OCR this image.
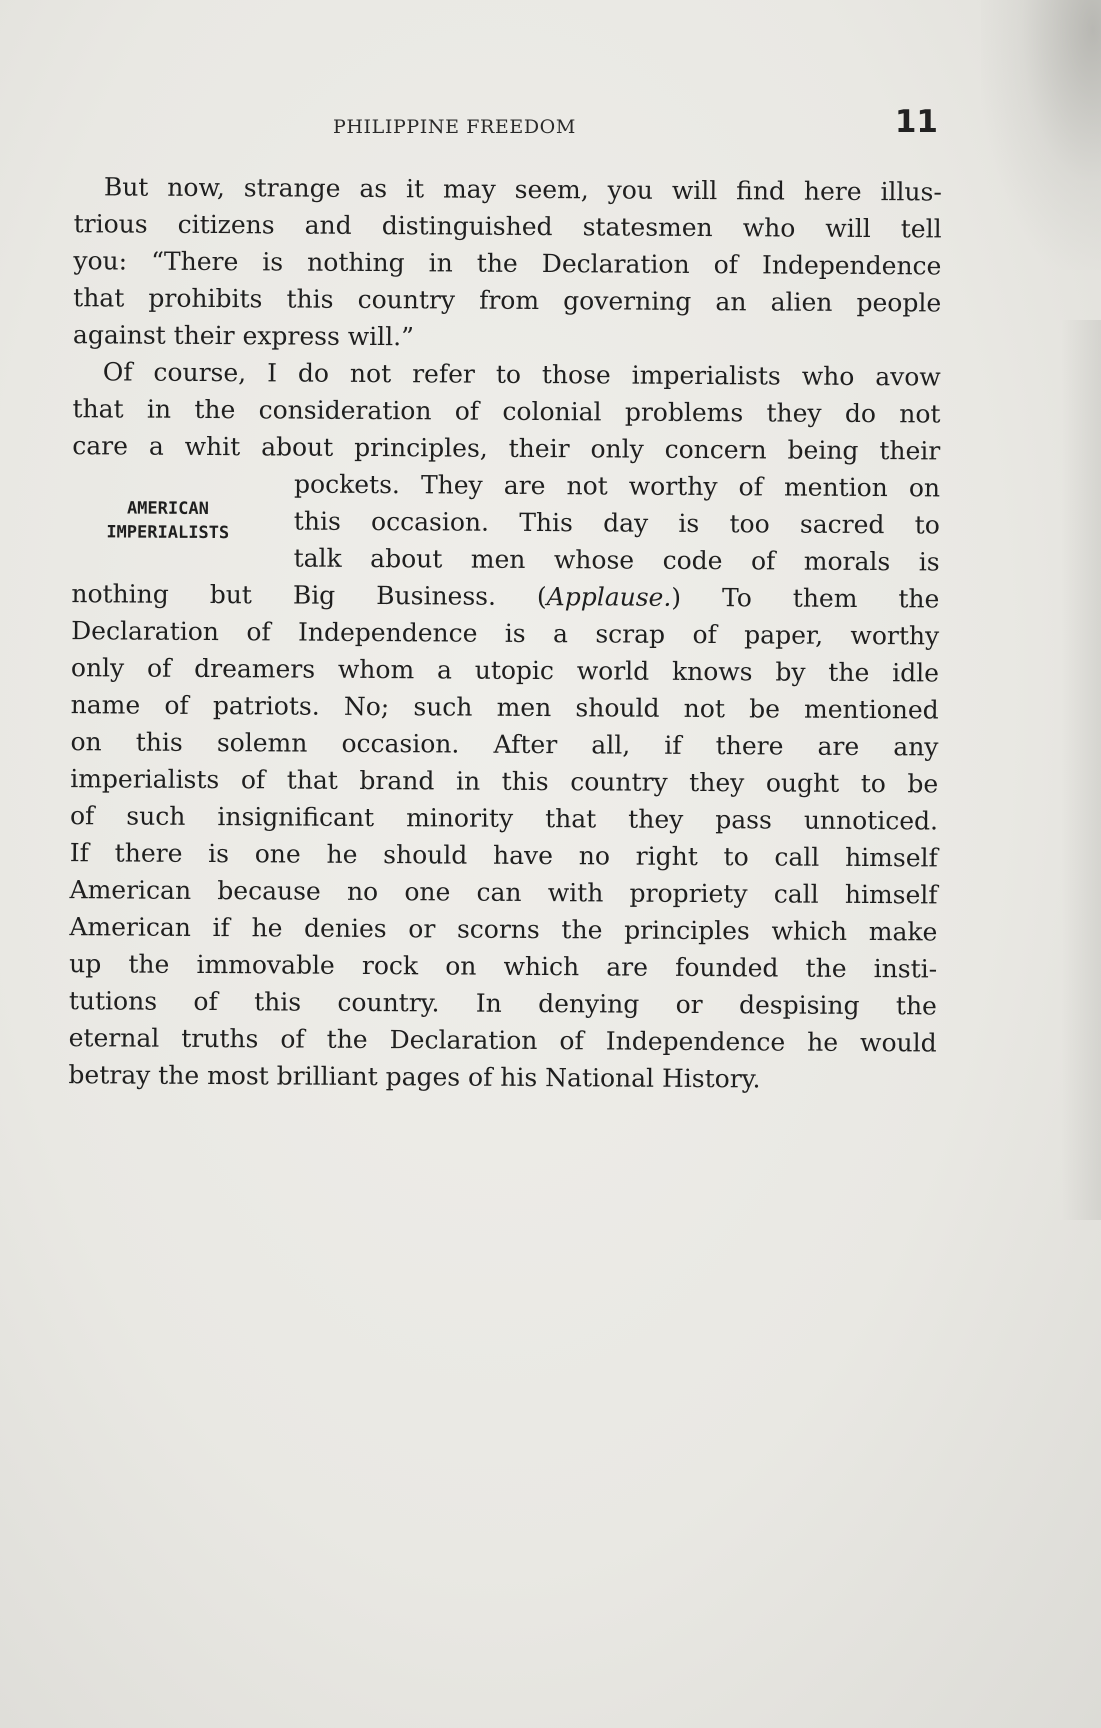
PHILIPPINE FREEDOM	11
But now, strange as it may seem, you will find here illus-
trious citizens and distinguished statesmen who will tell
you: “There is nothing in the Declaration of Independence
that prohibits this country from governing an alien people
against their express will.”
Of course, I do not refer to those imperialists who avow
that in the consideration of colonial problems they do not
care a whit about principles, their only concern being their
AMERICAN
IMPERIALISTS
pockets. They are not worthy of mention on
this occasion. This day is too sacred to
talk about men whose code of morals is
nothing but Big Business. (Applause.) To them the
Declaration of Independence is a scrap of paper, worthy
only of dreamers whom a utopic world knows by the idle
name of patriots. No; such men should not be mentioned
on this solemn occasion. After all, if there are any
imperialists of that brand in this country they ought to be
of such insignificant minority that they pass unnoticed.
If there is one he should have no right to call himself
American because no one can with propriety call himself
American if he denies or scorns the principles which make
up the immovable rock on which are founded the insti-
tutions of this country. In denying or despising the
eternal truths of the Declaration of Independence he would
betray the most brilliant pages of his National History.
